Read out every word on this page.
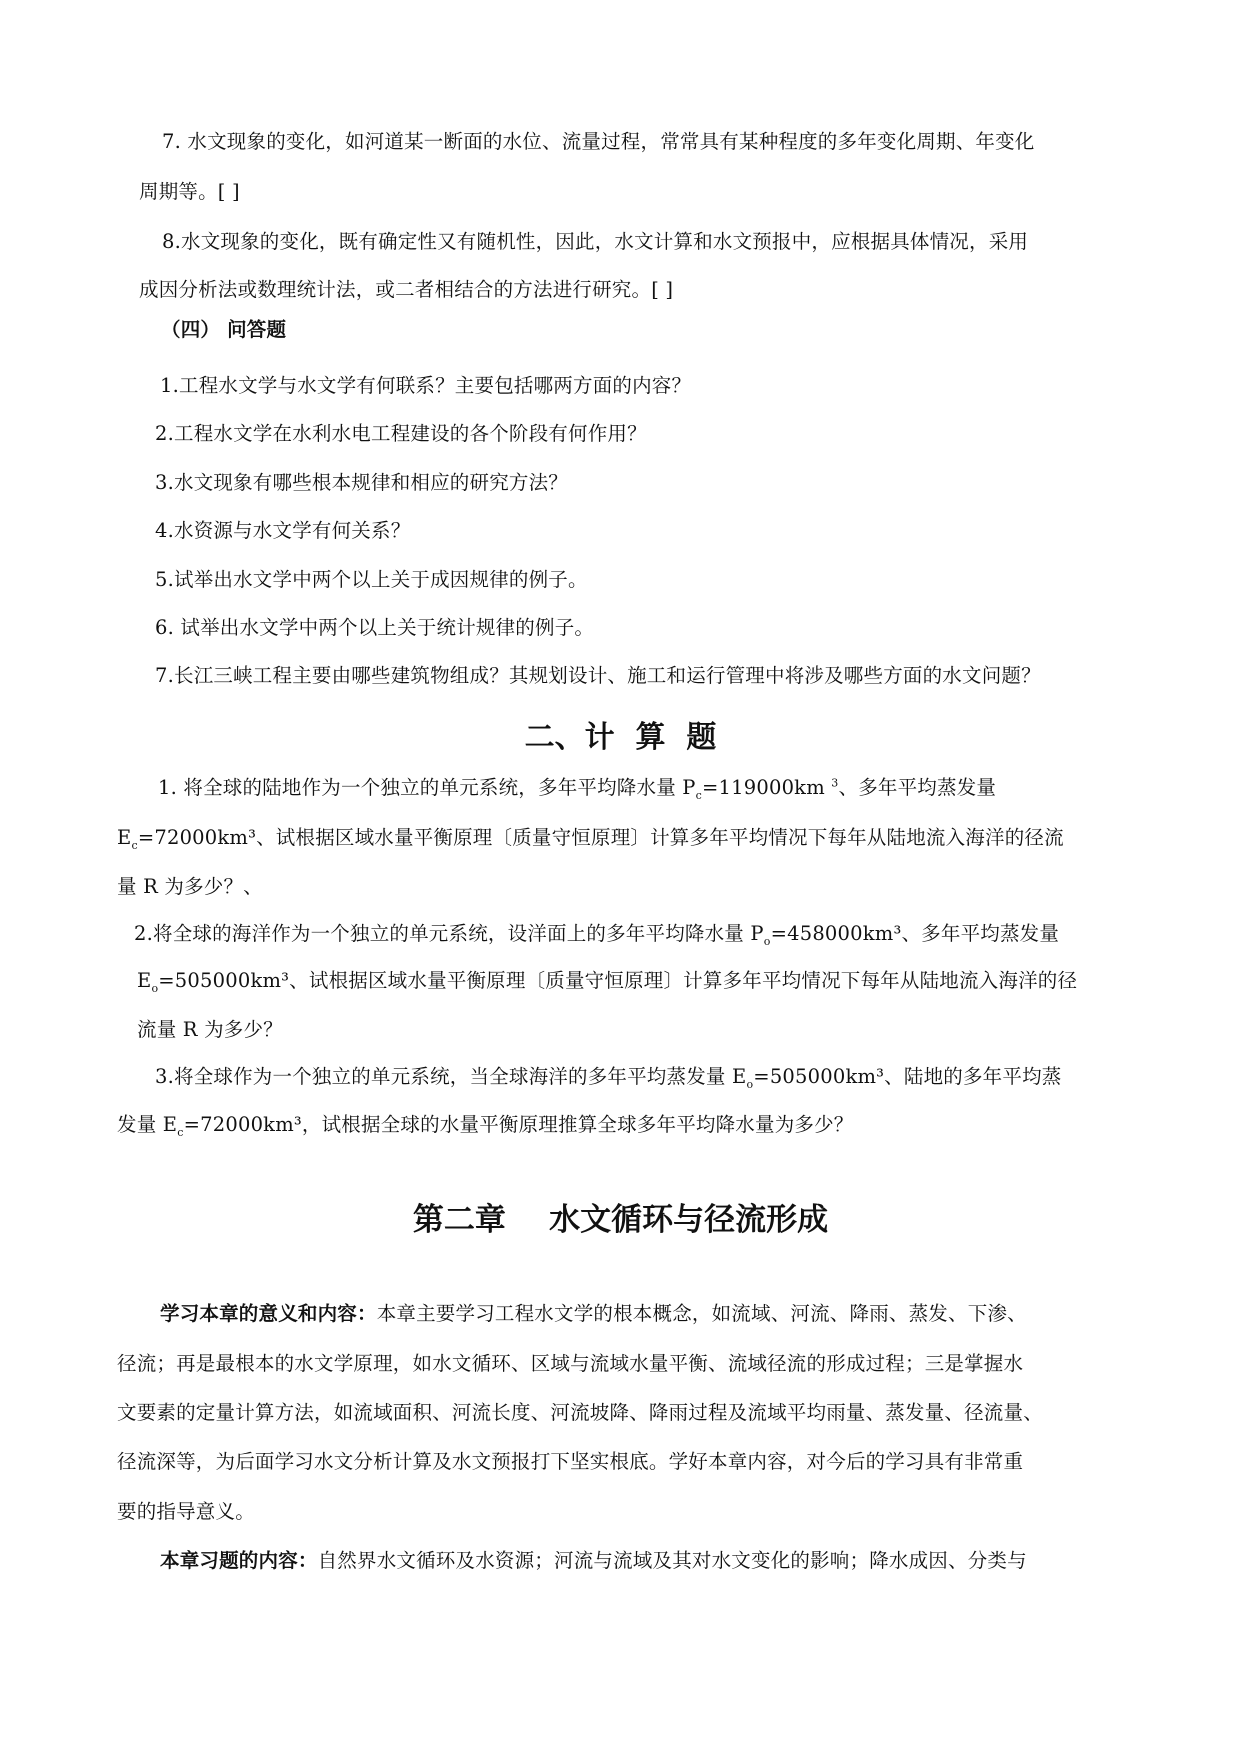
7. 水文现象的变化，如河道某一断面的水位、流量过程，常常具有某种程度的多年变化周期、年变化
周期等。[ ]
8.水文现象的变化，既有确定性又有随机性，因此，水文计算和水文预报中，应根据具体情况，采用
成因分析法或数理统计法，或二者相结合的方法进行研究。[ ]
（四） 问答题
1.工程水文学与水文学有何联系？主要包括哪两方面的内容？
2.工程水文学在水利水电工程建设的各个阶段有何作用？
3.水文现象有哪些根本规律和相应的研究方法？
4.水资源与水文学有何关系？
5.试举出水文学中两个以上关于成因规律的例子。
6. 试举出水文学中两个以上关于统计规律的例子。
7.长江三峡工程主要由哪些建筑物组成？其规划设计、施工和运行管理中将涉及哪些方面的水文问题？
二、计  算  题
1. 将全球的陆地作为一个独立的单元系统，多年平均降水量 $P_c=119000km$ $^3$、多年平均蒸发量
$E_c=72000km^3$、试根据区域水量平衡原理〔质量守恒原理〕计算多年平均情况下每年从陆地流入海洋的径流
量 R 为多少？、
2.将全球的海洋作为一个独立的单元系统，设洋面上的多年平均降水量 $P_o=458000km^3$、多年平均蒸发量
$E_o=505000km^3$、试根据区域水量平衡原理〔质量守恒原理〕计算多年平均情况下每年从陆地流入海洋的径
流量 R 为多少？
3.将全球作为一个独立的单元系统，当全球海洋的多年平均蒸发量 $E_o=505000km^3$、陆地的多年平均蒸
发量 $E_c=72000km^3$，试根据全球的水量平衡原理推算全球多年平均降水量为多少？
第二章    水文循环与径流形成
学习本章的意义和内容：本章主要学习工程水文学的根本概念，如流域、河流、降雨、蒸发、下渗、
径流；再是最根本的水文学原理，如水文循环、区域与流域水量平衡、流域径流的形成过程；三是掌握水
文要素的定量计算方法，如流域面积、河流长度、河流坡降、降雨过程及流域平均雨量、蒸发量、径流量、
径流深等，为后面学习水文分析计算及水文预报打下坚实根底。学好本章内容，对今后的学习具有非常重
要的指导意义。
本章习题的内容：自然界水文循环及水资源；河流与流域及其对水文变化的影响；降水成因、分类与
